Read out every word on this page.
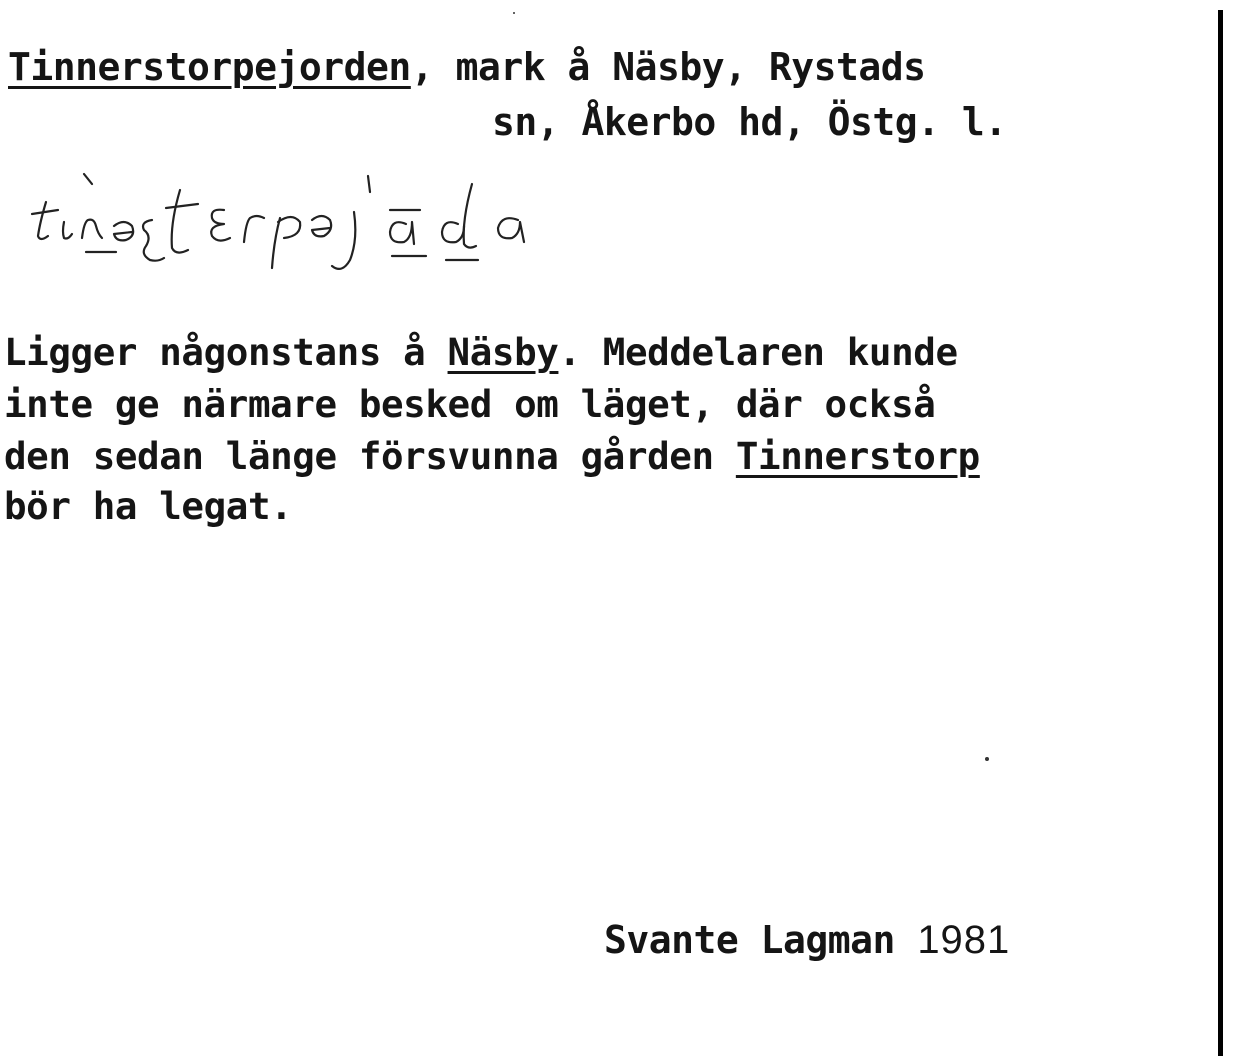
Tinnerstorpejorden, mark å Näsby, Rystads
sn, Åkerbo hd, Östg. l.
Ligger någonstans å Näsby. Meddelaren kunde
inte ge närmare besked om läget, där också
den sedan länge försvunna gården Tinnerstorp
bör ha legat.
Svante Lagman 1981
